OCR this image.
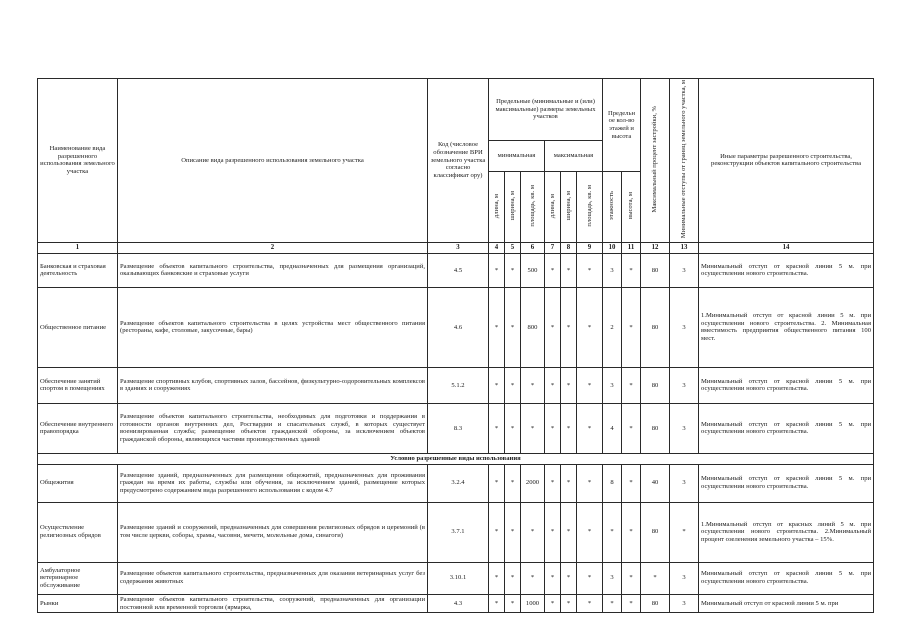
Наименование вида разрешенного использования земельного участка	Описание вида разрешенного использования земельного участка	Код (числовое обозначение ВРИ земельного участка согласно классификат ору)	Предельные (минимальные и (или) максимальные) размеры земельных участков						Предельн ое кол-во этажей и высота		Максимальный процент застройки, %	Минимальные отступы от границ земельного участка, м	Иные параметры разрешенного строительства, реконструкции объектов капитального строительства
			минимальная			максимальная							
			длина, м	ширина, м	площадь, кв. м	длина, м	ширина, м	площадь, кв. м	этажность	высота, м			
1	2	3	4	5	6	7	8	9	10	11	12	13	14
Банковская и страховая деятельность	Размещение объектов капитального строительства, предназначенных для размещения организаций, оказывающих банковские и страховые услуги	4.5	*	*	500	*	*	*	3	*	80	3	Минимальный отступ от красной линии 5 м. при осуществлении нового строительства.
Общественное питание	Размещение объектов капитального строительства в целях устройства мест общественного питания (рестораны, кафе, столовые, закусочные, бары)	4.6	*	*	800	*	*	*	2	*	80	3	1.Минимальный отступ от красной линии 5 м. при осуществлении нового строительства. 2. Минимальная вместимость предприятия общественного питания 100 мест.
Обеспечение занятий спортом в помещениях	Размещение спортивных клубов, спортивных залов, бассейнов, физкультурно-оздоровительных комплексов в зданиях и сооружениях	5.1.2	*	*	*	*	*	*	3	*	80	3	Минимальный отступ от красной линии 5 м. при осуществлении нового строительства.
Обеспечение внутреннего правопорядка	Размещение объектов капитального строительства, необходимых для подготовки и поддержания в готовности органов внутренних дел, Росгвардии и спасательных служб, в которых существует военизированная служба; размещение объектов гражданской обороны, за исключением объектов гражданской обороны, являющихся частями производственных зданий	8.3	*	*	*	*	*	*	4	*	80	3	Минимальный отступ от красной линии 5 м. при осуществлении нового строительства.
Условно разрешенные виды использования													
Общежития	Размещение зданий, предназначенных для размещения общежитий, предназначенных для проживания граждан на время их работы, службы или обучения, за исключением зданий, размещение которых предусмотрено содержанием вида разрешенного использования с кодом 4.7	3.2.4	*	*	2000	*	*	*	8	*	40	3	Минимальный отступ от красной линии 5 м. при осуществлении нового строительства.
Осуществление религиозных обрядов	Размещение зданий и сооружений, предназначенных для совершения религиозных обрядов и церемоний (в том числе церкви, соборы, храмы, часовни, мечети, молельные дома, синагоги)	3.7.1	*	*	*	*	*	*	*	*	80	*	1.Минимальный отступ от красных линий 5 м. при осуществлении нового строительства. 2.Минимальный процент озеленения земельного участка – 15%.
Амбулаторное ветеринарное обслуживание	Размещение объектов капитального строительства, предназначенных для оказания ветеринарных услуг без содержания животных	3.10.1	*	*	*	*	*	*	3	*	*	3	Минимальный отступ от красной линии 5 м. при осуществлении нового строительства.
Рынки	Размещение объектов капитального строительства, сооружений, предназначенных для организации постоянной или временной торговли (ярмарка,	4.3	*	*	1000	*	*	*	*	*	80	3	Минимальный отступ от красной линии 5 м. при
